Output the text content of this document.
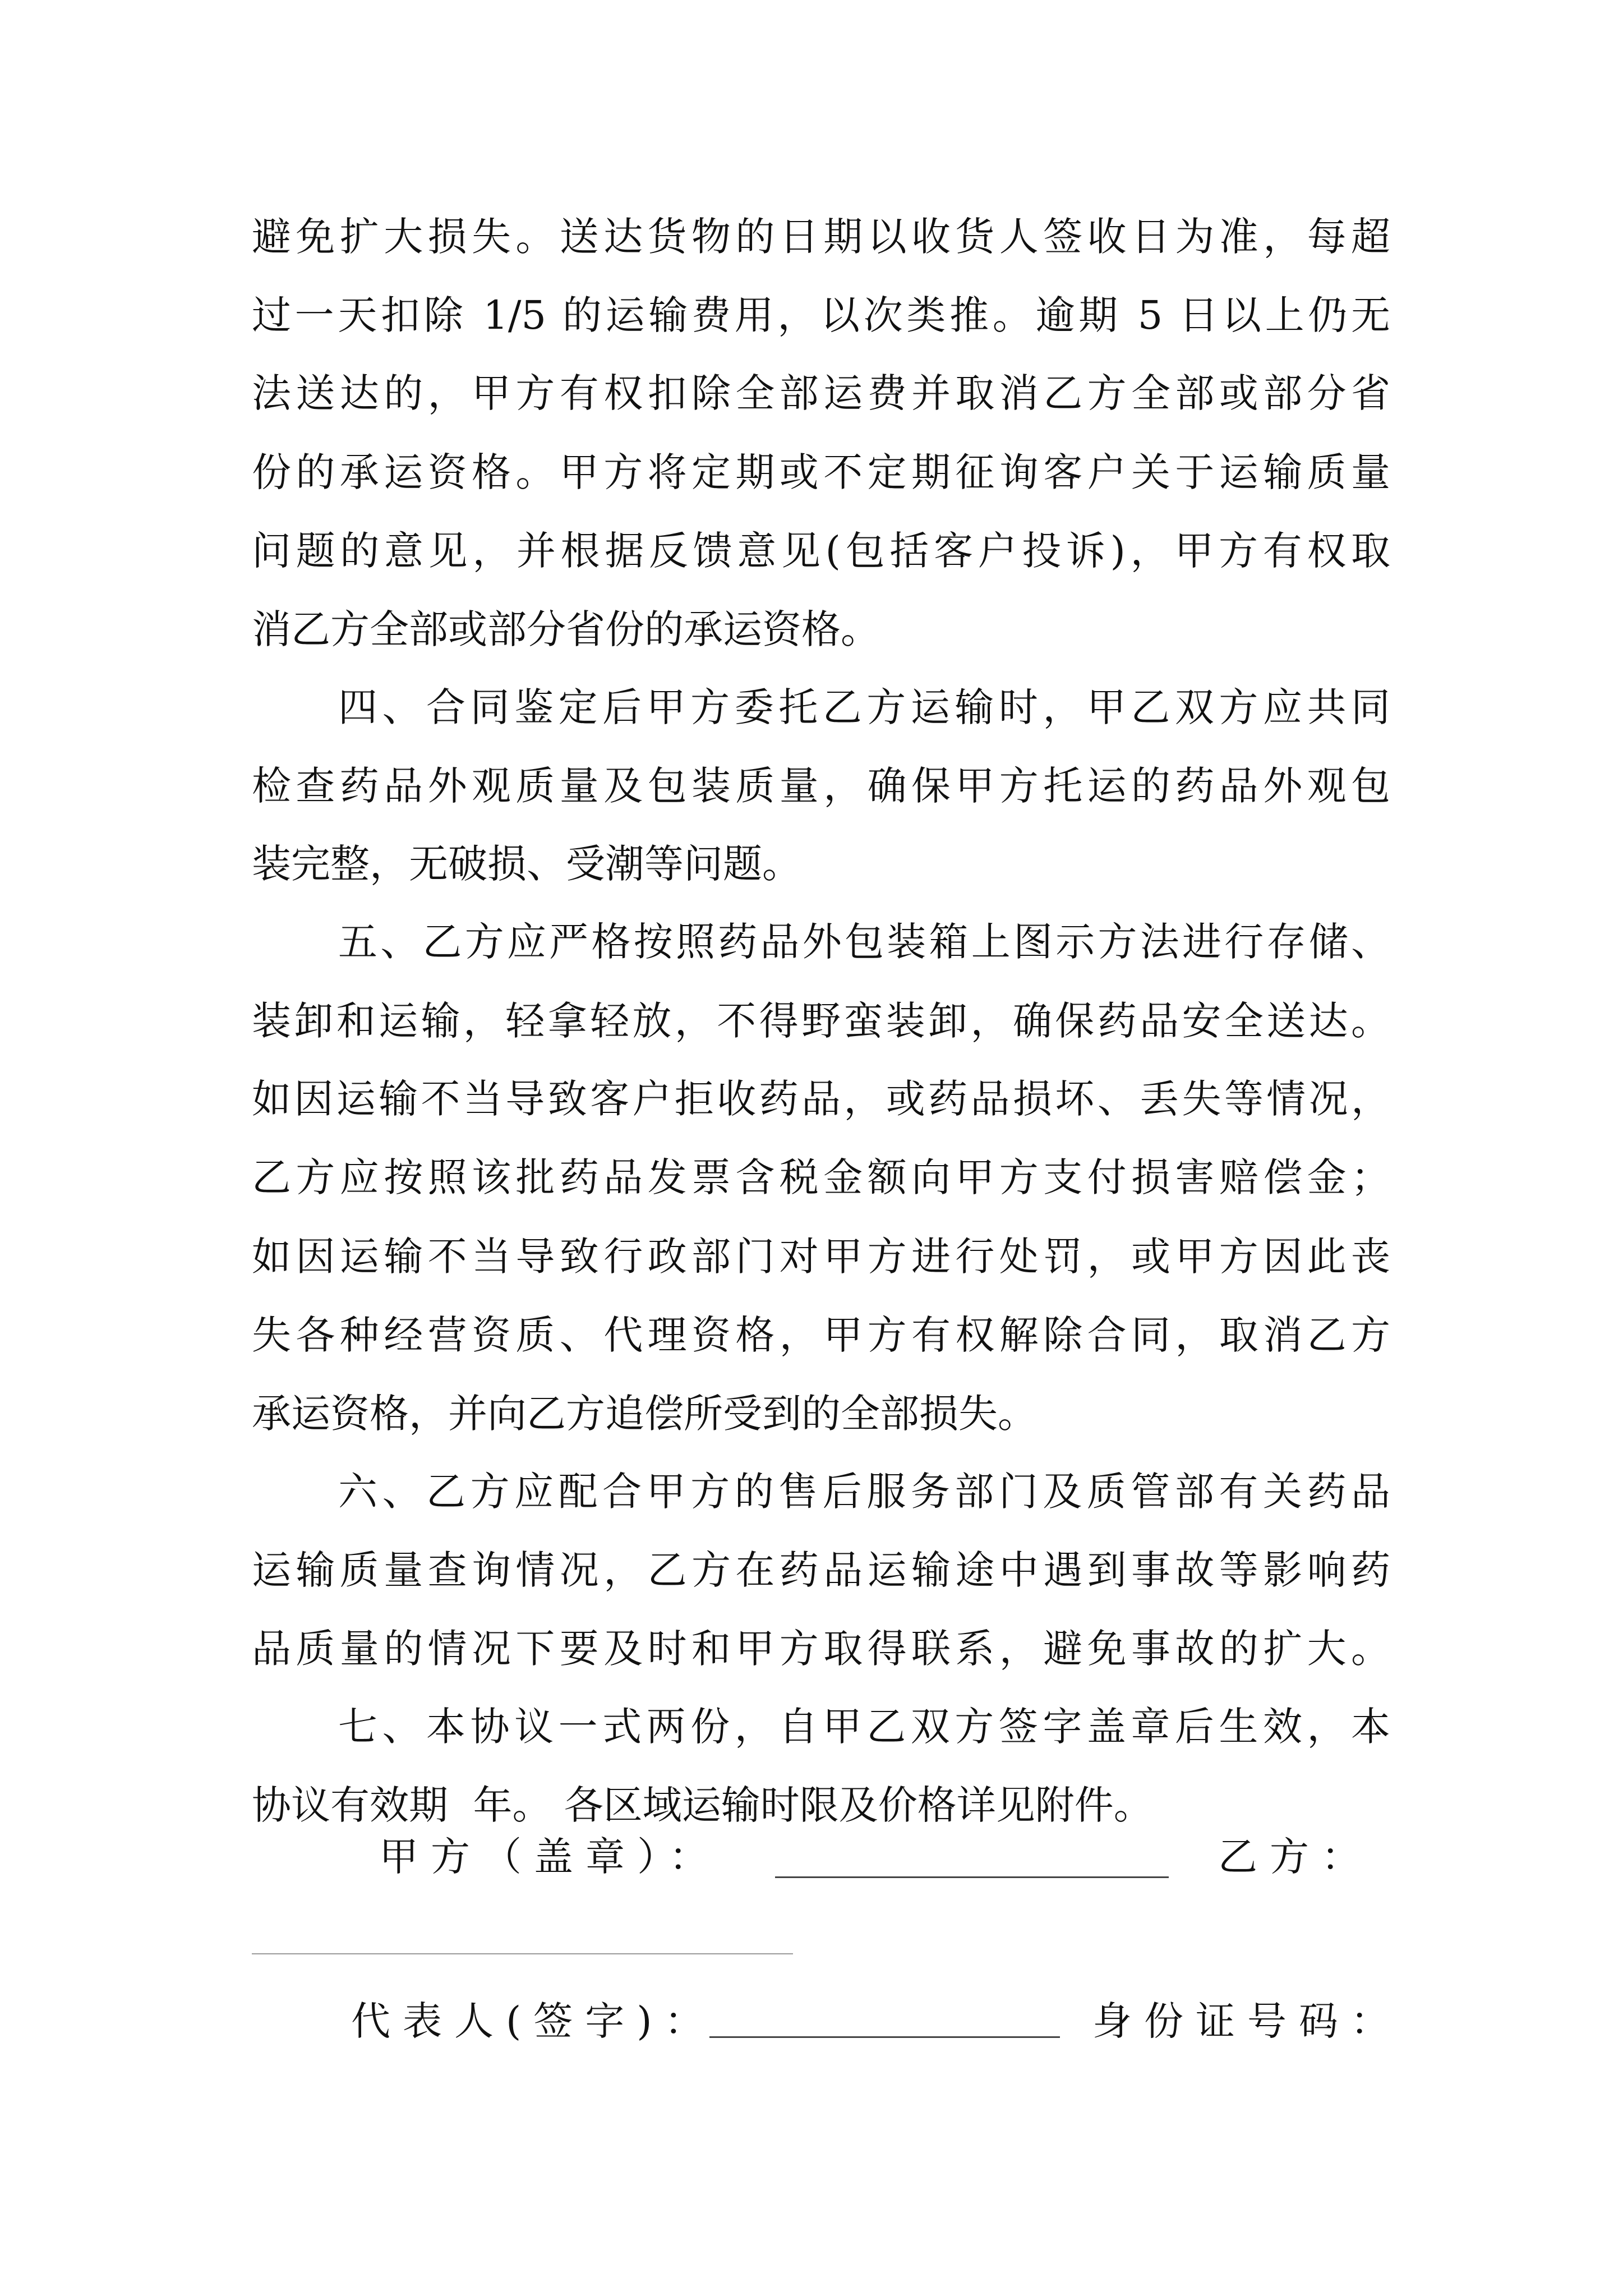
避免扩大损失。送达货物的日期以收货人签收日为准，每超
过一天扣除 1/5 的运输费用，以次类推。逾期 5 日以上仍无
法送达的，甲方有权扣除全部运费并取消乙方全部或部分省
份的承运资格。甲方将定期或不定期征询客户关于运输质量
问题的意见，并根据反馈意见(包括客户投诉)，甲方有权取
消乙方全部或部分省份的承运资格。
四、合同鉴定后甲方委托乙方运输时，甲乙双方应共同
检查药品外观质量及包装质量，确保甲方托运的药品外观包
装完整，无破损、受潮等问题。
五、乙方应严格按照药品外包装箱上图示方法进行存储、
装卸和运输，轻拿轻放，不得野蛮装卸，确保药品安全送达。
如因运输不当导致客户拒收药品，或药品损坏、丢失等情况，
乙方应按照该批药品发票含税金额向甲方支付损害赔偿金；
如因运输不当导致行政部门对甲方进行处罚，或甲方因此丧
失各种经营资质、代理资格，甲方有权解除合同，取消乙方
承运资格，并向乙方追偿所受到的全部损失。
六、乙方应配合甲方的售后服务部门及质管部有关药品
运输质量查询情况，乙方在药品运输途中遇到事故等影响药
品质量的情况下要及时和甲方取得联系，避免事故的扩大。
七、本协议一式两份，自甲乙双方签字盖章后生效，本
协议有效期  年。 各区域运输时限及价格详见附件。
甲方（盖章）：	乙方：
代表人(签字)：	身份证号码：
